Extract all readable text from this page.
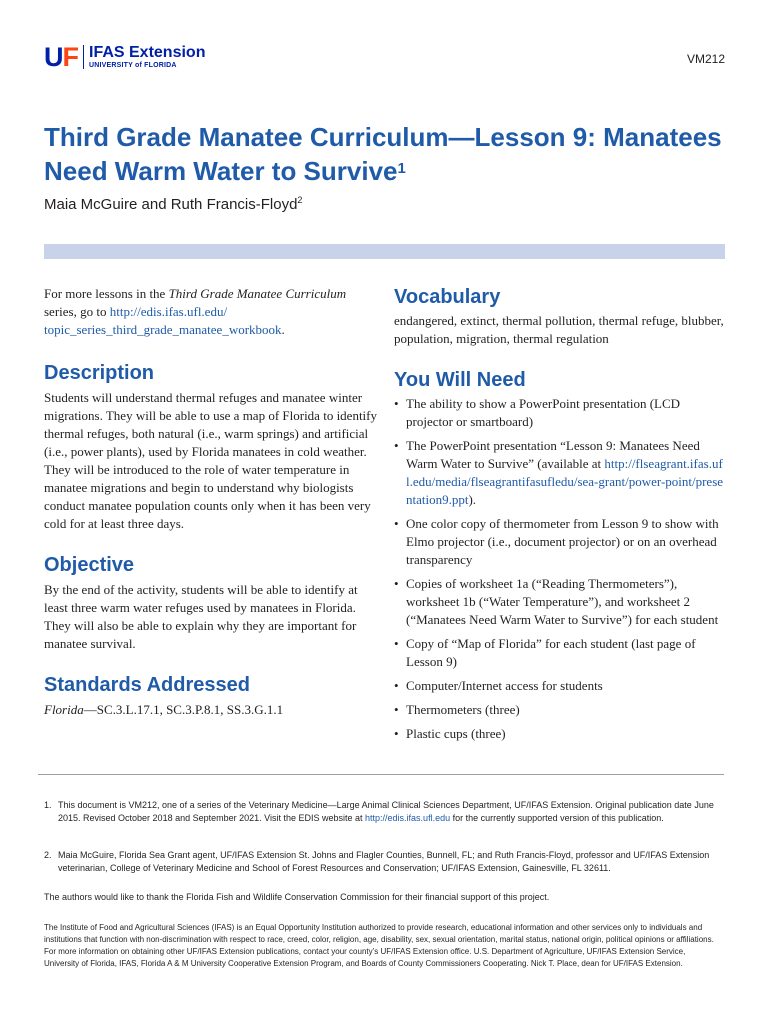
UF IFAS Extension
UNIVERSITY of FLORIDA	VM212
Third Grade Manatee Curriculum—Lesson 9: Manatees
Need Warm Water to Survive$^1$
Maia McGuire and Ruth Francis-Floyd$^2$

For more lessons in the Third Grade Manatee Curriculum series, go to http://edis.ifas.ufl.edu/
topic_series_third_grade_manatee_workbook.

Description

Students will understand thermal refuges and manatee winter migrations. They will be able to use a map of Florida to identify thermal refuges, both natural (i.e., warm springs) and artificial (i.e., power plants), used by Florida manatees in cold weather. They will be introduced to the role of water temperature in manatee migrations and begin to understand why biologists conduct manatee population counts only when it has been very cold for at least three days.

Objective

By the end of the activity, students will be able to identify at least three warm water refuges used by manatees in Florida. They will also be able to explain why they are important for manatee survival.

Standards Addressed

Florida—SC.3.L.17.1, SC.3.P.8.1, SS.3.G.1.1

Vocabulary

endangered, extinct, thermal pollution, thermal refuge, blubber, population, migration, thermal regulation

You Will Need
• The ability to show a PowerPoint presentation (LCD projector or smartboard)
• The PowerPoint presentation “Lesson 9: Manatees Need Warm Water to Survive” (available at http://flseagrant.ifas.ufl.edu/media/flseagrantifasufledu/sea-grant/power-point/presentation9.ppt).
• One color copy of thermometer from Lesson 9 to show with Elmo projector (i.e., document projector) or on an overhead transparency
• Copies of worksheet 1a (“Reading Thermometers”), worksheet 1b (“Water Temperature”), and worksheet 2 (“Manatees Need Warm Water to Survive”) for each student
• Copy of “Map of Florida” for each student (last page of Lesson 9)
• Computer/Internet access for students
• Thermometers (three)
• Plastic cups (three)
1. This document is VM212, one of a series of the Veterinary Medicine—Large Animal Clinical Sciences Department, UF/IFAS Extension. Original publication date June 2015. Revised October 2018 and September 2021. Visit the EDIS website at http://edis.ifas.ufl.edu for the currently supported version of this publication.
2. Maia McGuire, Florida Sea Grant agent, UF/IFAS Extension St. Johns and Flagler Counties, Bunnell, FL; and Ruth Francis-Floyd, professor and UF/IFAS Extension veterinarian, College of Veterinary Medicine and School of Forest Resources and Conservation; UF/IFAS Extension, Gainesville, FL 32611.
The authors would like to thank the Florida Fish and Wildlife Conservation Commission for their financial support of this project.
The Institute of Food and Agricultural Sciences (IFAS) is an Equal Opportunity Institution authorized to provide research, educational information and other services only to individuals and institutions that function with non-discrimination with respect to race, creed, color, religion, age, disability, sex, sexual orientation, marital status, national origin, political opinions or affiliations. For more information on obtaining other UF/IFAS Extension publications, contact your county’s UF/IFAS Extension office. U.S. Department of Agriculture, UF/IFAS Extension Service, University of Florida, IFAS, Florida A & M University Cooperative Extension Program, and Boards of County Commissioners Cooperating. Nick T. Place, dean for UF/IFAS Extension.
